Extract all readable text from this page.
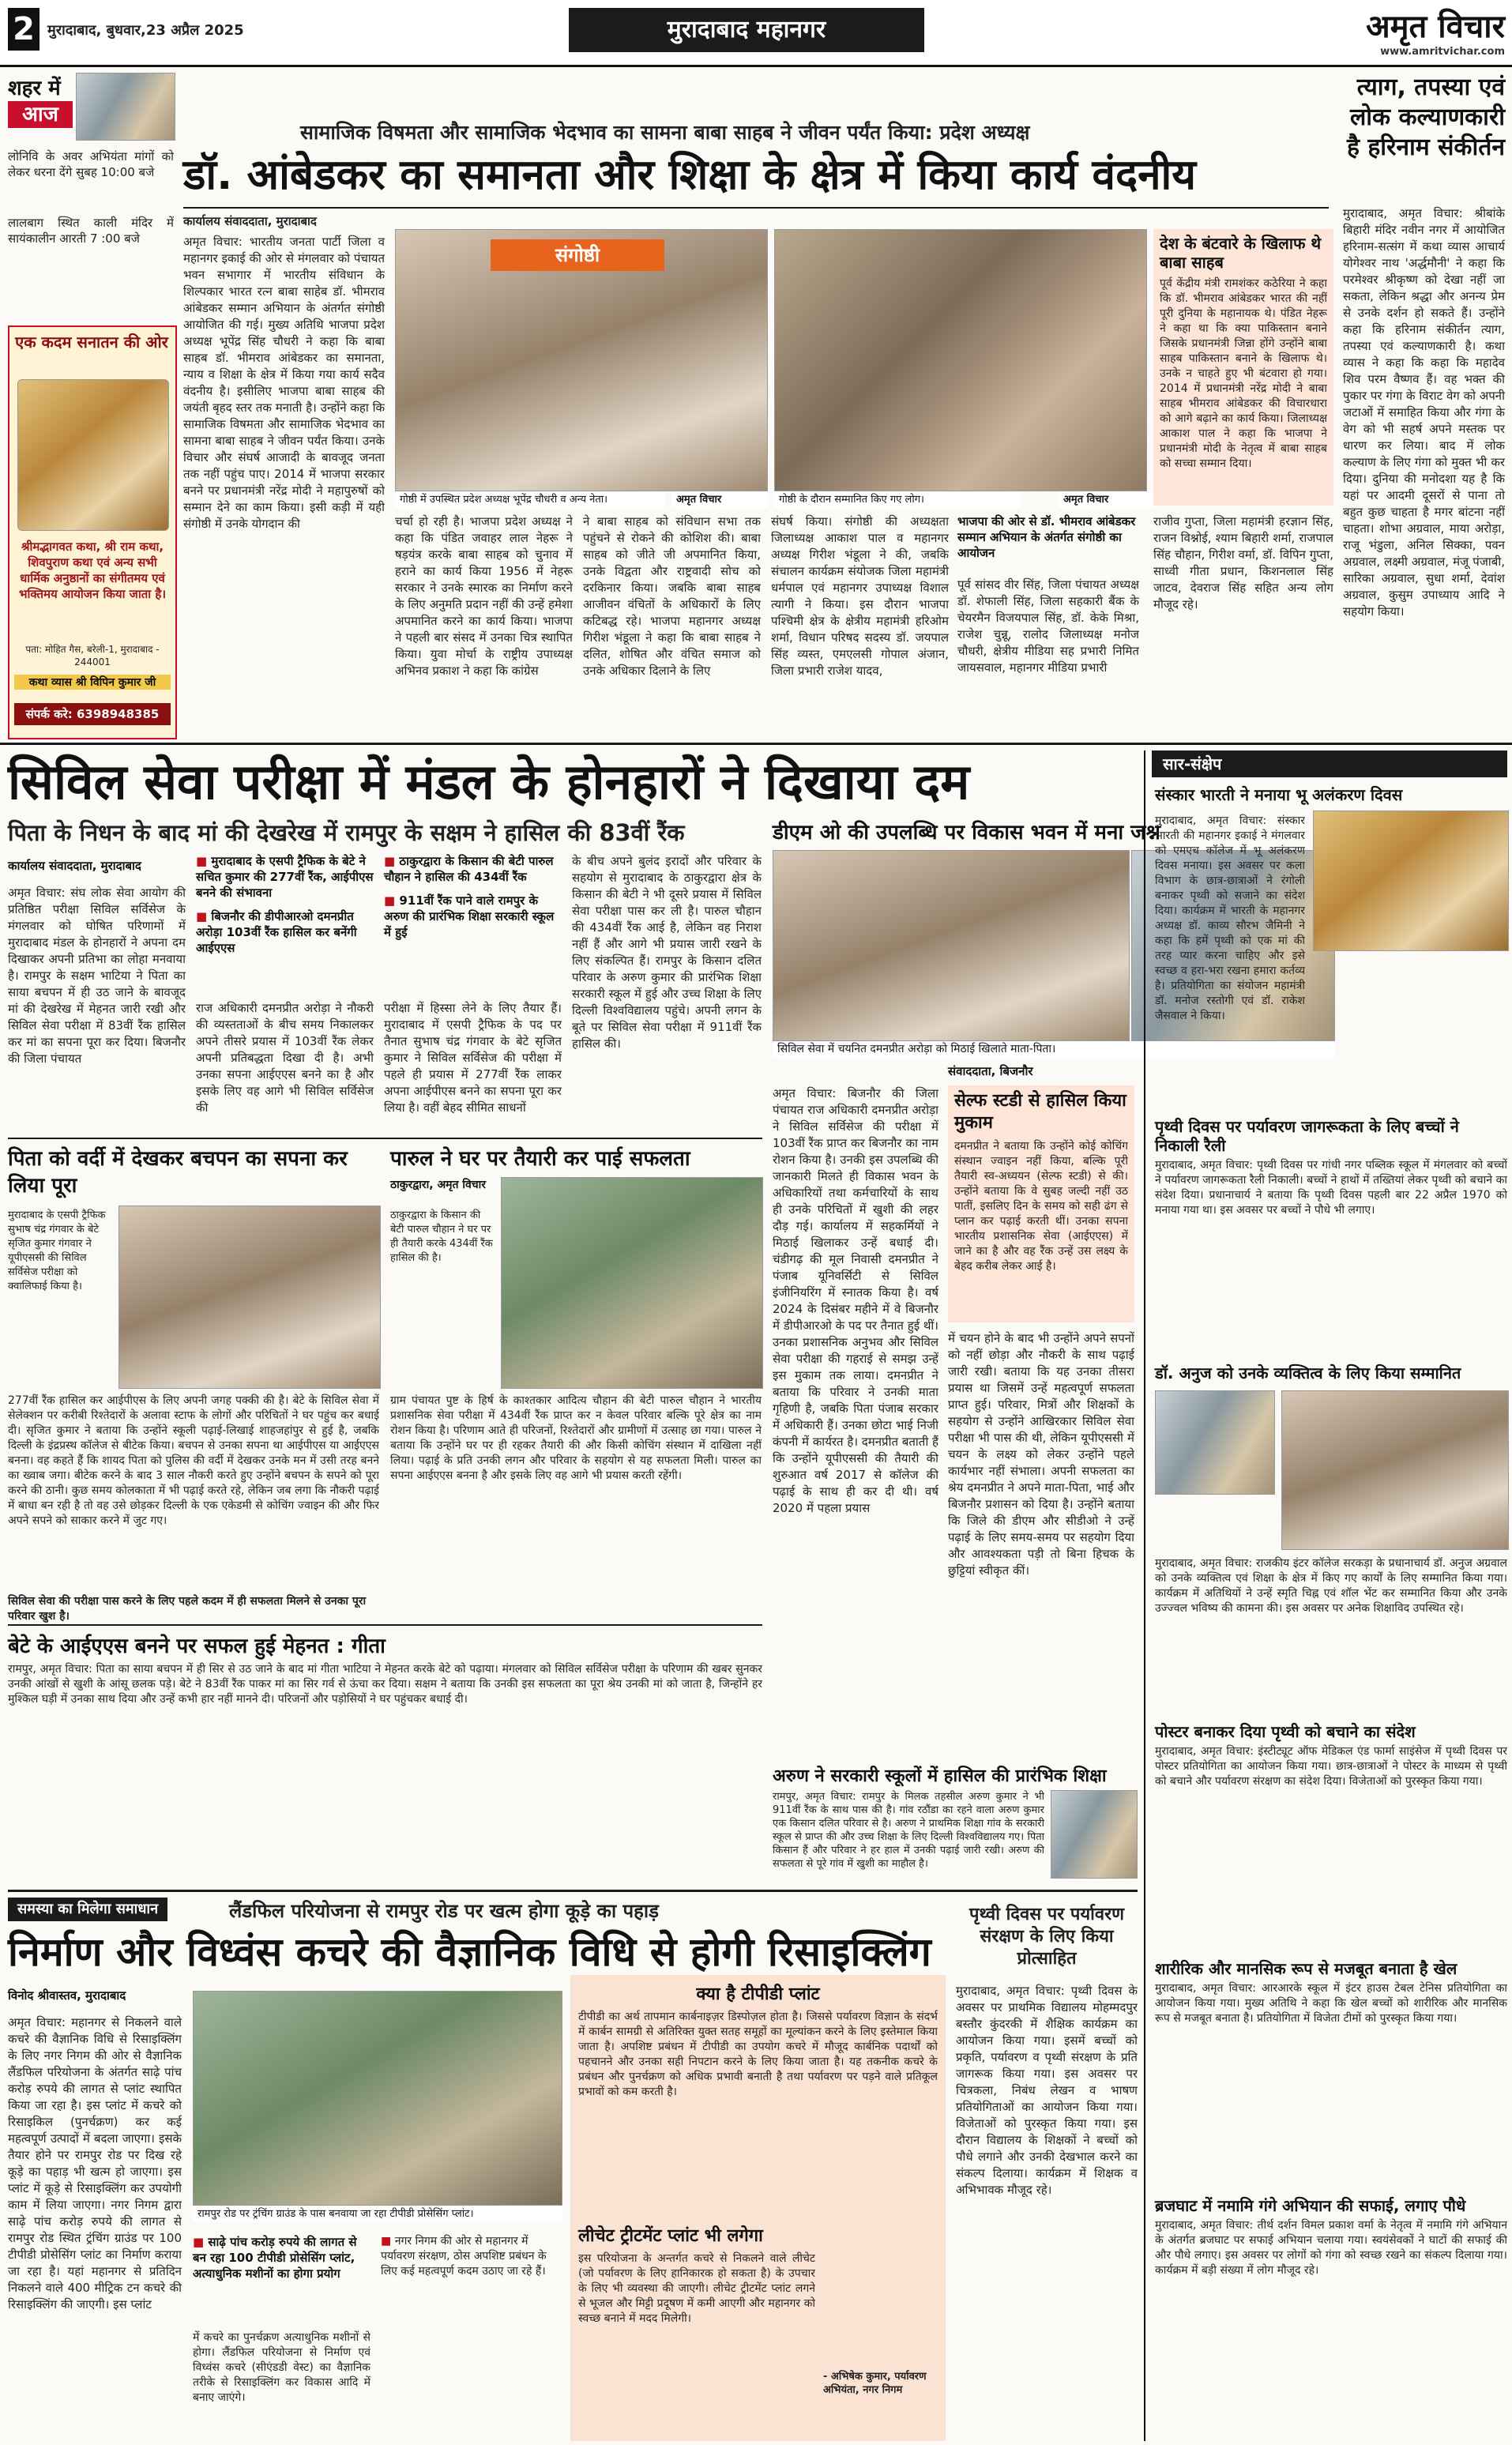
2 मुरादाबाद, बुधवार,23 अप्रैल 2025	मुरादाबाद महानगर	अमृत विचार
www.amritvichar.com
शहर में
आज
लोनिवि के अवर अभियंता मांगों को लेकर धरना देंगे सुबह 10:00 बजे
लालबाग स्थित काली मंदिर में सायंकालीन आरती 7 :00 बजे
एक कदम सनातन की ओर
श्रीमद्भागवत कथा, श्री राम कथा, शिवपुराण कथा एवं अन्य सभी धार्मिक अनुष्ठानों का संगीतमय एवं भक्तिमय आयोजन किया जाता है।
पता: मोहित गैस, बरेली-1, मुरादाबाद - 244001
कथा व्यास श्री विपिन कुमार जी
संपर्क करे: 6398948385
सामाजिक विषमता और सामाजिक भेदभाव का सामना बाबा साहब ने जीवन पर्यंत किया: प्रदेश अध्यक्ष
डॉ. आंबेडकर का समानता और शिक्षा के क्षेत्र में किया कार्य वंदनीय
कार्यालय संवाददाता, मुरादाबाद
अमृत विचार: भारतीय जनता पार्टी जिला व महानगर इकाई की ओर से मंगलवार को पंचायत भवन सभागार में भारतीय संविधान के शिल्पकार भारत रत्न बाबा साहेब डॉ. भीमराव आंबेडकर सम्मान अभियान के अंतर्गत संगोष्ठी आयोजित की गई। मुख्य अतिथि भाजपा प्रदेश अध्यक्ष भूपेंद्र सिंह चौधरी ने कहा कि बाबा साहब डॉ. भीमराव आंबेडकर का समानता, न्याय व शिक्षा के क्षेत्र में किया गया कार्य सदैव वंदनीय है। इसीलिए भाजपा बाबा साहब की जयंती बृहद स्तर तक मनाती है। उन्होंने कहा कि सामाजिक विषमता और सामाजिक भेदभाव का सामना बाबा साहब ने जीवन पर्यंत किया। उनके विचार और संघर्ष आजादी के बावजूद जनता तक नहीं पहुंच पाए। 2014 में भाजपा सरकार बनने पर प्रधानमंत्री नरेंद्र मोदी ने महापुरुषों को सम्मान देने का काम किया। इसी कड़ी में यही संगोष्ठी में उनके योगदान की
संगोष्ठी
गोष्ठी में उपस्थित प्रदेश अध्यक्ष भूपेंद्र चौधरी व अन्य नेता।	अमृत विचार	गोष्ठी के दौरान सम्मानित किए गए लोग।	अमृत विचार
देश के बंटवारे के खिलाफ थे बाबा साहब
पूर्व केंद्रीय मंत्री रामशंकर कठेरिया ने कहा कि डॉ. भीमराव आंबेडकर भारत की नहीं पूरी दुनिया के महानायक थे। पंडित नेहरू ने कहा था कि क्या पाकिस्तान बनाने जिसके प्रधानमंत्री जिन्ना होंगे उन्होंने बाबा साहब पाकिस्तान बनाने के खिलाफ थे। उनके न चाहते हुए भी बंटवारा हो गया। 2014 में प्रधानमंत्री नरेंद्र मोदी ने बाबा साहब भीमराव आंबेडकर की विचारधारा को आगे बढ़ाने का कार्य किया। जिलाध्यक्ष आकाश पाल ने कहा कि भाजपा ने प्रधानमंत्री मोदी के नेतृत्व में बाबा साहब को सच्चा सम्मान दिया।
चर्चा हो रही है। भाजपा प्रदेश अध्यक्ष ने कहा कि पंडित जवाहर लाल नेहरू ने षड़यंत्र करके बाबा साहब को चुनाव में हराने का कार्य किया 1956 में नेहरू सरकार ने उनके स्मारक का निर्माण करने के लिए अनुमति प्रदान नहीं की उन्हें हमेशा अपमानित करने का कार्य किया। भाजपा ने पहली बार संसद में उनका चित्र स्थापित किया। युवा मोर्चा के राष्ट्रीय उपाध्यक्ष अभिनव प्रकाश ने कहा कि कांग्रेस
ने बाबा साहब को संविधान सभा तक पहुंचने से रोकने की कोशिश की। बाबा साहब को जीते जी अपमानित किया, उनके विद्वता और राष्ट्रवादी सोच को दरकिनार किया। जबकि बाबा साहब आजीवन वंचितों के अधिकारों के लिए कटिबद्ध रहे। भाजपा महानगर अध्यक्ष गिरीश भंडूला ने कहा कि बाबा साहब ने दलित, शोषित और वंचित समाज को उनके अधिकार दिलाने के लिए
संघर्ष किया। संगोष्ठी की अध्यक्षता जिलाध्यक्ष आकाश पाल व महानगर अध्यक्ष गिरीश भंडूला ने की, जबकि संचालन कार्यक्रम संयोजक जिला महामंत्री धर्मपाल एवं महानगर उपाध्यक्ष विशाल त्यागी ने किया। इस दौरान भाजपा पश्चिमी क्षेत्र के क्षेत्रीय महामंत्री हरिओम शर्मा, विधान परिषद सदस्य डॉ. जयपाल सिंह व्यस्त, एमएलसी गोपाल अंजान, जिला प्रभारी राजेश यादव,
भाजपा की ओर से डॉ. भीमराव आंबेडकर सम्मान अभियान के अंतर्गत संगोष्ठी का आयोजन
पूर्व सांसद वीर सिंह, जिला पंचायत अध्यक्ष डॉ. शेफाली सिंह, जिला सहकारी बैंक के चेयरमैन विजयपाल सिंह, डॉ. केके मिश्रा, राजेश चुन्नू, रालोद जिलाध्यक्ष मनोज चौधरी, क्षेत्रीय मीडिया सह प्रभारी निमित जायसवाल, महानगर मीडिया प्रभारी
राजीव गुप्ता, जिला महामंत्री हरज्ञान सिंह, राजन विश्नोई, श्याम बिहारी शर्मा, राजपाल सिंह चौहान, गिरीश वर्मा, डॉ. विपिन गुप्ता, साध्वी गीता प्रधान, किशनलाल सिंह जाटव, देवराज सिंह सहित अन्य लोग मौजूद रहे।
त्याग, तपस्या एवं लोक कल्याणकारी है हरिनाम संकीर्तन
मुरादाबाद, अमृत विचार: श्रीबांके बिहारी मंदिर नवीन नगर में आयोजित हरिनाम-सत्संग में कथा व्यास आचार्य योगेश्वर नाथ 'अर्द्धमौनी' ने कहा कि परमेश्वर श्रीकृष्ण को देखा नहीं जा सकता, लेकिन श्रद्धा और अनन्य प्रेम से उनके दर्शन हो सकते हैं। उन्होंने कहा कि हरिनाम संकीर्तन त्याग, तपस्या एवं कल्याणकारी है। कथा व्यास ने कहा कि कहा कि महादेव शिव परम वैष्णव हैं। वह भक्त की पुकार पर गंगा के विराट वेग को अपनी जटाओं में समाहित किया और गंगा के वेग को भी सहर्ष अपने मस्तक पर धारण कर लिया। बाद में लोक कल्याण के लिए गंगा को मुक्त भी कर दिया। दुनिया की मनोदशा यह है कि यहां पर आदमी दूसरों से पाना तो बहुत कुछ चाहता है मगर बांटना नहीं चाहता। शोभा अग्रवाल, माया अरोड़ा, राजू भंडुला, अनिल सिक्का, पवन अग्रवाल, लक्ष्मी अग्रवाल, मंजू पंजाबी, सारिका अग्रवाल, सुधा शर्मा, देवांश अग्रवाल, कुसुम उपाध्याय आदि ने सहयोग किया।
सिविल सेवा परीक्षा में मंडल के होनहारों ने दिखाया दम
पिता के निधन के बाद मां की देखरेख में रामपुर के सक्षम ने हासिल की 83वीं रैंक
कार्यालय संवाददाता, मुरादाबाद
अमृत विचार: संघ लोक सेवा आयोग की प्रतिष्ठित परीक्षा सिविल सर्विसेज के मंगलवार को घोषित परिणामों में मुरादाबाद मंडल के होनहारों ने अपना दम दिखाकर अपनी प्रतिभा का लोहा मनवाया है। रामपुर के सक्षम भाटिया ने पिता का साया बचपन में ही उठ जाने के बावजूद मां की देखरेख में मेहनत जारी रखी और सिविल सेवा परीक्षा में 83वीं रैंक हासिल कर मां का सपना पूरा कर दिया। बिजनौर की जिला पंचायत
■ मुरादाबाद के एसपी ट्रैफिक के बेटे ने सचित कुमार की 277वीं रैंक, आईपीएस बनने की संभावना
■ बिजनौर की डीपीआरओ दमनप्रीत अरोड़ा 103वीं रैंक हासिल कर बनेंगी आईएएस
■ ठाकुरद्वारा के किसान की बेटी पारुल चौहान ने हासिल की 434वीं रैंक
■ 911वीं रैंक पाने वाले रामपुर के अरुण की प्रारंभिक शिक्षा सरकारी स्कूल में हुई
राज अधिकारी दमनप्रीत अरोड़ा ने नौकरी की व्यस्तताओं के बीच समय निकालकर अपने तीसरे प्रयास में 103वीं रैंक लेकर अपनी प्रतिबद्धता दिखा दी है। अभी उनका सपना आईएएस बनने का है और इसके लिए वह आगे भी सिविल सर्विसेज की
परीक्षा में हिस्सा लेने के लिए तैयार हैं। मुरादाबाद में एसपी ट्रैफिक के पद पर तैनात सुभाष चंद्र गंगवार के बेटे सृजित कुमार ने सिविल सर्विसेज की परीक्षा में पहले ही प्रयास में 277वीं रैंक लाकर अपना आईपीएस बनने का सपना पूरा कर लिया है। वहीं बेहद सीमित साधनों
के बीच अपने बुलंद इरादों और परिवार के सहयोग से मुरादाबाद के ठाकुरद्वारा क्षेत्र के किसान की बेटी ने भी दूसरे प्रयास में सिविल सेवा परीक्षा पास कर ली है। पारुल चौहान की 434वीं रैंक आई है, लेकिन वह निराश नहीं हैं और आगे भी प्रयास जारी रखने के लिए संकल्पित हैं। रामपुर के किसान दलित परिवार के अरुण कुमार की प्रारंभिक शिक्षा सरकारी स्कूल में हुई और उच्च शिक्षा के लिए दिल्ली विश्वविद्यालय पहुंचे। अपनी लगन के बूते पर सिविल सेवा परीक्षा में 911वीं रैंक हासिल की।
डीएम ओ की उपलब्धि पर विकास भवन में मना जश्न
सिविल सेवा में चयनित दमनप्रीत अरोड़ा को मिठाई खिलाते माता-पिता।
संवाददाता, बिजनौर
अमृत विचार: बिजनौर की जिला पंचायत राज अधिकारी दमनप्रीत अरोड़ा ने सिविल सर्विसेज की परीक्षा में 103वीं रैंक प्राप्त कर बिजनौर का नाम रोशन किया है। उनकी इस उपलब्धि की जानकारी मिलते ही विकास भवन के अधिकारियों तथा कर्मचारियों के साथ ही उनके परिचितों में खुशी की लहर दौड़ गई। कार्यालय में सहकर्मियों ने मिठाई खिलाकर उन्हें बधाई दी। चंडीगढ़ की मूल निवासी दमनप्रीत ने पंजाब यूनिवर्सिटी से सिविल इंजीनियरिंग में स्नातक किया है। वर्ष 2024 के दिसंबर महीने में वे बिजनौर में डीपीआरओ के पद पर तैनात हुई थीं। उनका प्रशासनिक अनुभव और सिविल सेवा परीक्षा की गहराई से समझ उन्हें इस मुकाम तक लाया। दमनप्रीत ने बताया कि परिवार ने उनकी माता गृहिणी है, जबकि पिता पंजाब सरकार में अधिकारी हैं। उनका छोटा भाई निजी कंपनी में कार्यरत है। दमनप्रीत बताती हैं कि उन्होंने यूपीएससी की तैयारी की शुरुआत वर्ष 2017 से कॉलेज की पढ़ाई के साथ ही कर दी थी। वर्ष 2020 में पहला प्रयास
सेल्फ स्टडी से हासिल किया मुकाम
दमनप्रीत ने बताया कि उन्होंने कोई कोचिंग संस्थान ज्वाइन नहीं किया, बल्कि पूरी तैयारी स्व-अध्ययन (सेल्फ स्टडी) से की। उन्होंने बताया कि वे सुबह जल्दी नहीं उठ पातीं, इसलिए दिन के समय को सही ढंग से प्लान कर पढ़ाई करती थीं। उनका सपना भारतीय प्रशासनिक सेवा (आईएएस) में जाने का है और वह रैंक उन्हें उस लक्ष्य के बेहद करीब लेकर आई है।
में चयन होने के बाद भी उन्होंने अपने सपनों को नहीं छोड़ा और नौकरी के साथ पढ़ाई जारी रखी। बताया कि यह उनका तीसरा प्रयास था जिसमें उन्हें महत्वपूर्ण सफलता प्राप्त हुई। परिवार, मित्रों और शिक्षकों के सहयोग से उन्होंने आखिरकार सिविल सेवा परीक्षा भी पास की थी, लेकिन यूपीएससी में चयन के लक्ष्य को लेकर उन्होंने पहले कार्यभार नहीं संभाला। अपनी सफलता का श्रेय दमनप्रीत ने अपने माता-पिता, भाई और बिजनौर प्रशासन को दिया है। उन्होंने बताया कि जिले की डीएम और सीडीओ ने उन्हें पढ़ाई के लिए समय-समय पर सहयोग दिया और आवश्यकता पड़ी तो बिना हिचक के छुट्टियां स्वीकृत कीं।
सार-संक्षेप
संस्कार भारती ने मनाया भू अलंकरण दिवस
मुरादाबाद, अमृत विचार: संस्कार भारती की महानगर इकाई ने मंगलवार को एमएच कॉलेज में भू अलंकरण दिवस मनाया। इस अवसर पर कला विभाग के छात्र-छात्राओं ने रंगोली बनाकर पृथ्वी को सजाने का संदेश दिया। कार्यक्रम में भारती के महानगर अध्यक्ष डॉ. काव्य सौरभ जैमिनी ने कहा कि हमें पृथ्वी को एक मां की तरह प्यार करना चाहिए और इसे स्वच्छ व हरा-भरा रखना हमारा कर्तव्य है। प्रतियोगिता का संयोजन महामंत्री डॉ. मनोज रस्तोगी एवं डॉ. राकेश जैसवाल ने किया।
पृथ्वी दिवस पर पर्यावरण जागरूकता के लिए बच्चों ने निकाली रैली
मुरादाबाद, अमृत विचार: पृथ्वी दिवस पर गांधी नगर पब्लिक स्कूल में मंगलवार को बच्चों ने पर्यावरण जागरूकता रैली निकाली। बच्चों ने हाथों में तख्तियां लेकर पृथ्वी को बचाने का संदेश दिया। प्रधानाचार्य ने बताया कि पृथ्वी दिवस पहली बार 22 अप्रैल 1970 को मनाया गया था। इस अवसर पर बच्चों ने पौधे भी लगाए।
डॉ. अनुज को उनके व्यक्तित्व के लिए किया सम्मानित
मुरादाबाद, अमृत विचार: राजकीय इंटर कॉलेज सरकड़ा के प्रधानाचार्य डॉ. अनुज अग्रवाल को उनके व्यक्तित्व एवं शिक्षा के क्षेत्र में किए गए कार्यों के लिए सम्मानित किया गया। कार्यक्रम में अतिथियों ने उन्हें स्मृति चिह्न एवं शॉल भेंट कर सम्मानित किया और उनके उज्ज्वल भविष्य की कामना की। इस अवसर पर अनेक शिक्षाविद उपस्थित रहे।
पोस्टर बनाकर दिया पृथ्वी को बचाने का संदेश
मुरादाबाद, अमृत विचार: इंस्टीट्यूट ऑफ मेडिकल एंड फार्मा साइंसेज में पृथ्वी दिवस पर पोस्टर प्रतियोगिता का आयोजन किया गया। छात्र-छात्राओं ने पोस्टर के माध्यम से पृथ्वी को बचाने और पर्यावरण संरक्षण का संदेश दिया। विजेताओं को पुरस्कृत किया गया।
शारीरिक और मानसिक रूप से मजबूत बनाता है खेल
मुरादाबाद, अमृत विचार: आरआरके स्कूल में इंटर हाउस टेबल टेनिस प्रतियोगिता का आयोजन किया गया। मुख्य अतिथि ने कहा कि खेल बच्चों को शारीरिक और मानसिक रूप से मजबूत बनाता है। प्रतियोगिता में विजेता टीमों को पुरस्कृत किया गया।
ब्रजघाट में नमामि गंगे अभियान की सफाई, लगाए पौधे
मुरादाबाद, अमृत विचार: तीर्थ दर्शन विमल प्रकाश वर्मा के नेतृत्व में नमामि गंगे अभियान के अंतर्गत ब्रजघाट पर सफाई अभियान चलाया गया। स्वयंसेवकों ने घाटों की सफाई की और पौधे लगाए। इस अवसर पर लोगों को गंगा को स्वच्छ रखने का संकल्प दिलाया गया। कार्यक्रम में बड़ी संख्या में लोग मौजूद रहे।
पिता को वर्दी में देखकर बचपन का सपना कर लिया पूरा
मुरादाबाद के एसपी ट्रैफिक सुभाष चंद्र गंगवार के बेटे सृजित कुमार गंगवार ने यूपीएससी की सिविल सर्विसेज परीक्षा को क्वालिफाई किया है।
277वीं रैंक हासिल कर आईपीएस के लिए अपनी जगह पक्की की है। बेटे के सिविल सेवा में सेलेक्शन पर करीबी रिश्तेदारों के अलावा स्टाफ के लोगों और परिचितों ने घर पहुंच कर बधाई दी। सृजित कुमार ने बताया कि उन्होंने स्कूली पढ़ाई-लिखाई शाहजहांपुर से हुई है, जबकि दिल्ली के इंद्रप्रस्थ कॉलेज से बीटेक किया। बचपन से उनका सपना था आईपीएस या आईएएस बनना। वह कहते हैं कि शायद पिता को पुलिस की वर्दी में देखकर उनके मन में उसी तरह बनने का ख्वाब जगा। बीटेक करने के बाद 3 साल नौकरी करते हुए उन्होंने बचपन के सपने को पूरा करने की ठानी। कुछ समय कोलकाता में भी पढ़ाई करते रहे, लेकिन जब लगा कि नौकरी पढ़ाई में बाधा बन रही है तो वह उसे छोड़कर दिल्ली के एक एकेडमी से कोचिंग ज्वाइन की और फिर अपने सपने को साकार करने में जुट गए।
सिविल सेवा की परीक्षा पास करने के लिए पहले कदम में ही सफलता मिलने से उनका पूरा परिवार खुश है।
पारुल ने घर पर तैयारी कर पाई सफलता
ठाकुरद्वारा, अमृत विचार
ठाकुरद्वारा के किसान की बेटी पारुल चौहान ने घर पर ही तैयारी करके 434वीं रैंक हासिल की है।
ग्राम पंचायत पुष्ट के हिर्ष के काश्तकार आदित्य चौहान की बेटी पारुल चौहान ने भारतीय प्रशासनिक सेवा परीक्षा में 434वीं रैंक प्राप्त कर न केवल परिवार बल्कि पूरे क्षेत्र का नाम रोशन किया है। परिणाम आते ही परिजनों, रिश्तेदारों और ग्रामीणों में उत्साह छा गया। पारुल ने बताया कि उन्होंने घर पर ही रहकर तैयारी की और किसी कोचिंग संस्थान में दाखिला नहीं लिया। पढ़ाई के प्रति उनकी लगन और परिवार के सहयोग से यह सफलता मिली। पारुल का सपना आईएएस बनना है और इसके लिए वह आगे भी प्रयास करती रहेंगी।
बेटे के आईएएस बनने पर सफल हुई मेहनत : गीता
रामपुर, अमृत विचार: पिता का साया बचपन में ही सिर से उठ जाने के बाद मां गीता भाटिया ने मेहनत करके बेटे को पढ़ाया। मंगलवार को सिविल सर्विसेज परीक्षा के परिणाम की खबर सुनकर उनकी आंखों से खुशी के आंसू छलक पड़े। बेटे ने 83वीं रैंक पाकर मां का सिर गर्व से ऊंचा कर दिया। सक्षम ने बताया कि उनकी इस सफलता का पूरा श्रेय उनकी मां को जाता है, जिन्होंने हर मुश्किल घड़ी में उनका साथ दिया और उन्हें कभी हार नहीं मानने दी। परिजनों और पड़ोसियों ने घर पहुंचकर बधाई दी।
अरुण ने सरकारी स्कूलों में हासिल की प्रारंभिक शिक्षा
रामपुर, अमृत विचार: रामपुर के मिलक तहसील अरुण कुमार ने भी 911वीं रैंक के साथ पास की है। गांव रठौंडा का रहने वाला अरुण कुमार एक किसान दलित परिवार से है। अरुण ने प्राथमिक शिक्षा गांव के सरकारी स्कूल से प्राप्त की और उच्च शिक्षा के लिए दिल्ली विश्वविद्यालय गए। पिता किसान हैं और परिवार ने हर हाल में उनकी पढ़ाई जारी रखी। अरुण की सफलता से पूरे गांव में खुशी का माहौल है।
समस्या का मिलेगा समाधान	लैंडफिल परियोजना से रामपुर रोड पर खत्म होगा कूड़े का पहाड़
निर्माण और विध्वंस कचरे की वैज्ञानिक विधि से होगी रिसाइक्लिंग
विनोद श्रीवास्तव, मुरादाबाद
अमृत विचार: महानगर से निकलने वाले कचरे की वैज्ञानिक विधि से रिसाइक्लिंग के लिए नगर निगम की ओर से वैज्ञानिक लैंडफिल परियोजना के अंतर्गत साढ़े पांच करोड़ रुपये की लागत से प्लांट स्थापित किया जा रहा है। इस प्लांट में कचरे को रिसाइकिल (पुनर्चक्रण) कर कई महत्वपूर्ण उत्पादों में बदला जाएगा। इसके तैयार होने पर रामपुर रोड पर दिख रहे कूड़े का पहाड़ भी खत्म हो जाएगा। इस प्लांट में कूड़े से रिसाइक्लिंग कर उपयोगी काम में लिया जाएगा। नगर निगम द्वारा साढ़े पांच करोड़ रुपये की लागत से रामपुर रोड स्थित ट्रंचिंग ग्राउंड पर 100 टीपीडी प्रोसेसिंग प्लांट का निर्माण कराया जा रहा है। यहां महानगर से प्रतिदिन निकलने वाले 400 मीट्रिक टन कचरे की रिसाइक्लिंग की जाएगी। इस प्लांट
रामपुर रोड पर ट्रंचिंग ग्राउंड के पास बनवाया जा रहा टीपीडी प्रोसेसिंग प्लांट।
■ साढ़े पांच करोड़ रुपये की लागत से बन रहा 100 टीपीडी प्रोसेसिंग प्लांट, अत्याधुनिक मशीनों का होगा प्रयोग
■ नगर निगम की ओर से महानगर में पर्यावरण संरक्षण, ठोस अपशिष्ट प्रबंधन के लिए कई महत्वपूर्ण कदम उठाए जा रहे हैं।
में कचरे का पुनर्चक्रण अत्याधुनिक मशीनों से होगा। लैंडफिल परियोजना से निर्माण एवं विध्वंस कचरे (सीएंडडी वेस्ट) का वैज्ञानिक तरीके से रिसाइक्लिंग कर विकास आदि में बनाए जाएंगे।
क्या है टीपीडी प्लांट
टीपीडी का अर्थ तापमान कार्बनाइज़र डिस्पोज़ल होता है। जिससे पर्यावरण विज्ञान के संदर्भ में कार्बन सामग्री से अतिरिक्त युक्त सतह समूहों का मूल्यांकन करने के लिए इस्तेमाल किया जाता है। अपशिष्ट प्रबंधन में टीपीडी का उपयोग कचरे में मौजूद कार्बनिक पदार्थों को पहचानने और उनका सही निपटान करने के लिए किया जाता है। यह तकनीक कचरे के प्रबंधन और पुनर्चक्रण को अधिक प्रभावी बनाती है तथा पर्यावरण पर पड़ने वाले प्रतिकूल प्रभावों को कम करती है।
लीचेट ट्रीटमेंट प्लांट भी लगेगा
इस परियोजना के अन्तर्गत कचरे से निकलने वाले लीचेट (जो पर्यावरण के लिए हानिकारक हो सकता है) के उपचार के लिए भी व्यवस्था की जाएगी। लीचेट ट्रीटमेंट प्लांट लगने से भूजल और मिट्टी प्रदूषण में कमी आएगी और महानगर को स्वच्छ बनाने में मदद मिलेगी।
- अभिषेक कुमार, पर्यावरण अभियंता, नगर निगम
पृथ्वी दिवस पर पर्यावरण संरक्षण के लिए किया प्रोत्साहित
मुरादाबाद, अमृत विचार: पृथ्वी दिवस के अवसर पर प्राथमिक विद्यालय मोहम्मदपुर बस्तौर कुंदरकी में शैक्षिक कार्यक्रम का आयोजन किया गया। इसमें बच्चों को प्रकृति, पर्यावरण व पृथ्वी संरक्षण के प्रति जागरूक किया गया। इस अवसर पर चित्रकला, निबंध लेखन व भाषण प्रतियोगिताओं का आयोजन किया गया। विजेताओं को पुरस्कृत किया गया। इस दौरान विद्यालय के शिक्षकों ने बच्चों को पौधे लगाने और उनकी देखभाल करने का संकल्प दिलाया। कार्यक्रम में शिक्षक व अभिभावक मौजूद रहे।
